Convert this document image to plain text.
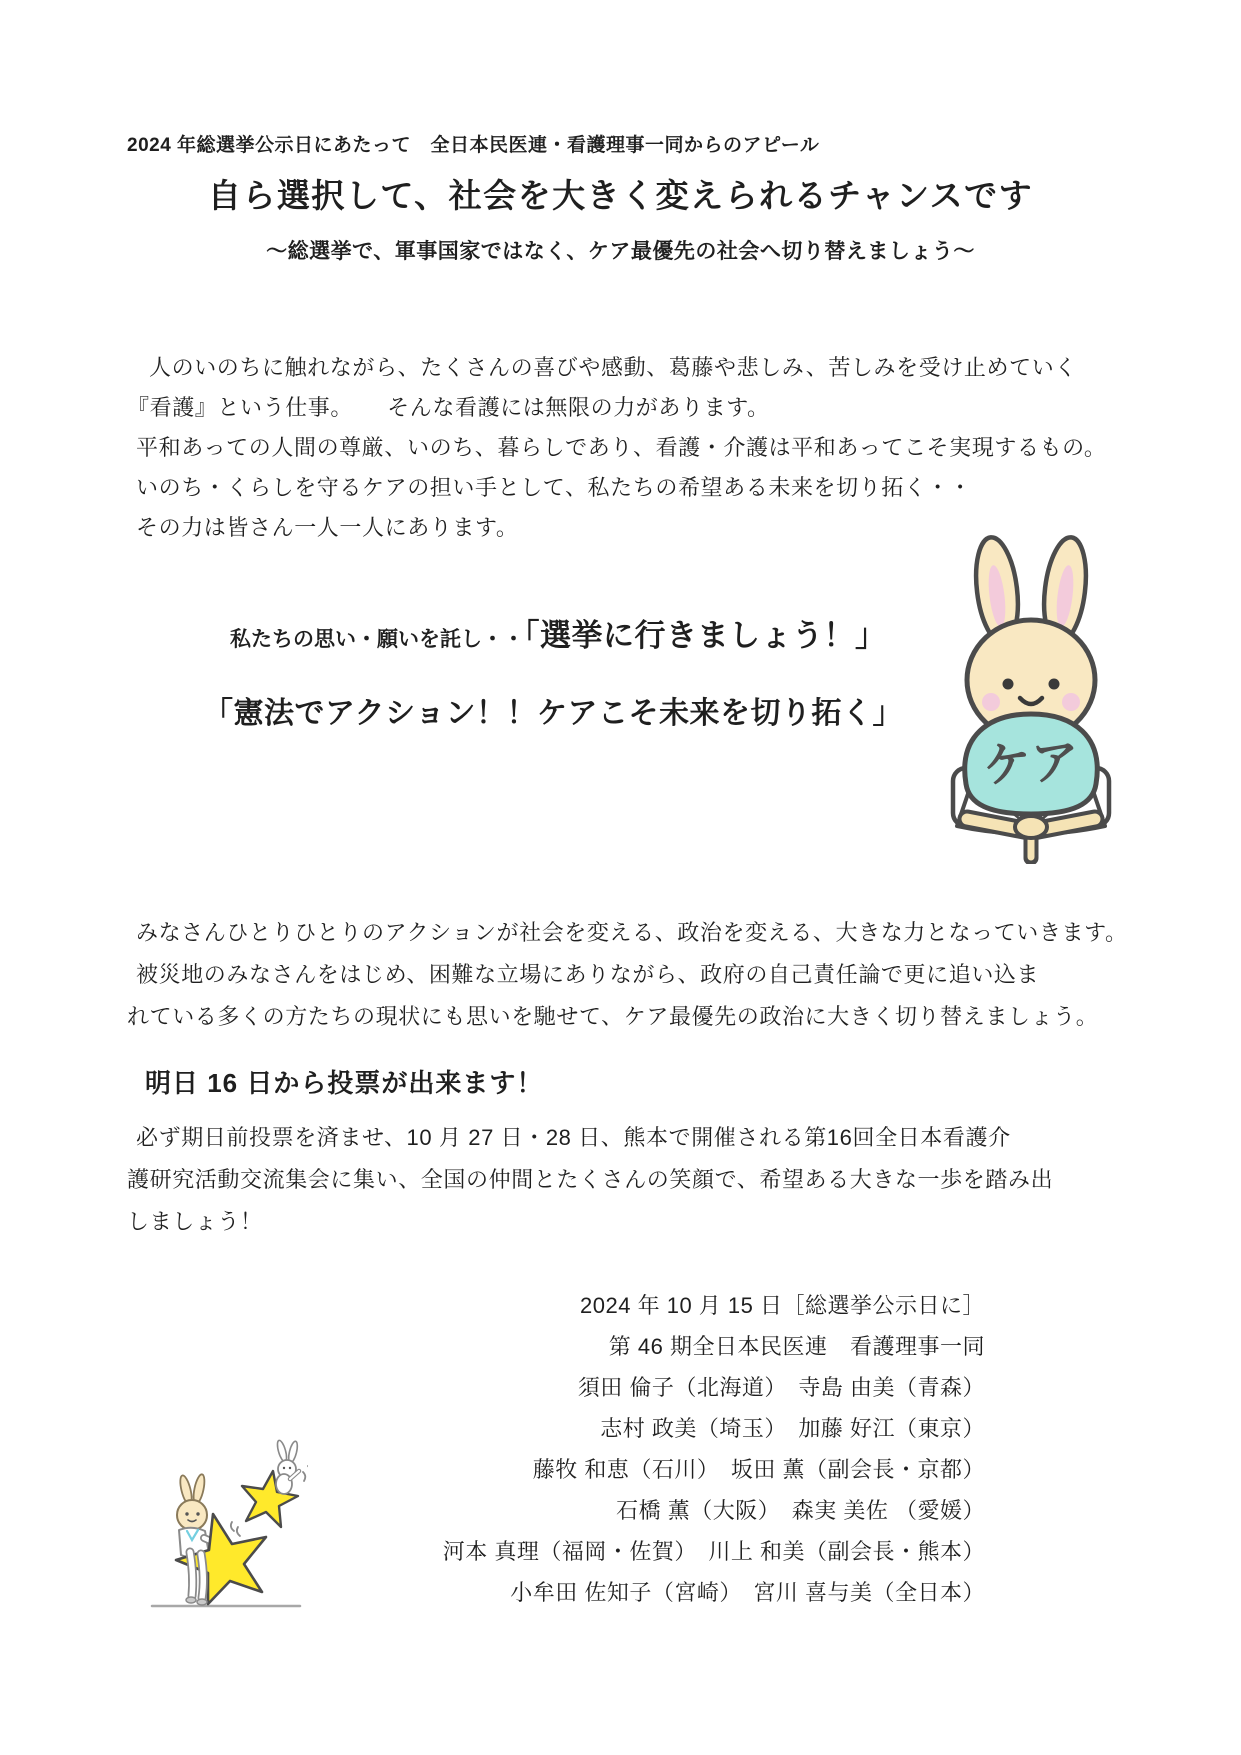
2024 年総選挙公示日にあたって　全日本民医連・看護理事一同からのアピール
自ら選択して、社会を大きく変えられるチャンスです
～総選挙で、軍事国家ではなく、ケア最優先の社会へ切り替えましょう～
人のいのちに触れながら、たくさんの喜びや感動、葛藤や悲しみ、苦しみを受け止めていく
『看護』という仕事。　　そんな看護には無限の力があります。
平和あっての人間の尊厳、いのち、暮らしであり、看護・介護は平和あってこそ実現するもの。
いのち・くらしを守るケアの担い手として、私たちの希望ある未来を切り拓く・・
その力は皆さん一人一人にあります。
私たちの思い・願いを託し・・「選挙に行きましょう！」
「憲法でアクション！！ケアこそ未来を切り拓く」
ケア
みなさんひとりひとりのアクションが社会を変える、政治を変える、大きな力となっていきます。
被災地のみなさんをはじめ、困難な立場にありながら、政府の自己責任論で更に追い込ま
れている多くの方たちの現状にも思いを馳せて、ケア最優先の政治に大きく切り替えましょう。
明日 16 日から投票が出来ます！
必ず期日前投票を済ませ、10 月 27 日・28 日、熊本で開催される第16回全日本看護介
護研究活動交流集会に集い、全国の仲間とたくさんの笑顔で、希望ある大きな一歩を踏み出
しましょう！
2024 年 10 月 15 日［総選挙公示日に］
第 46 期全日本民医連　看護理事一同
須田 倫子（北海道）　寺島 由美（青森）
志村 政美（埼玉）　加藤 好江（東京）
藤牧 和恵（石川）　坂田 薫（副会長・京都）
石橋 薫（大阪）　森実 美佐 （愛媛）
河本 真理（福岡・佐賀）　川上 和美（副会長・熊本）
小牟田 佐知子（宮崎）　宮川 喜与美（全日本）
